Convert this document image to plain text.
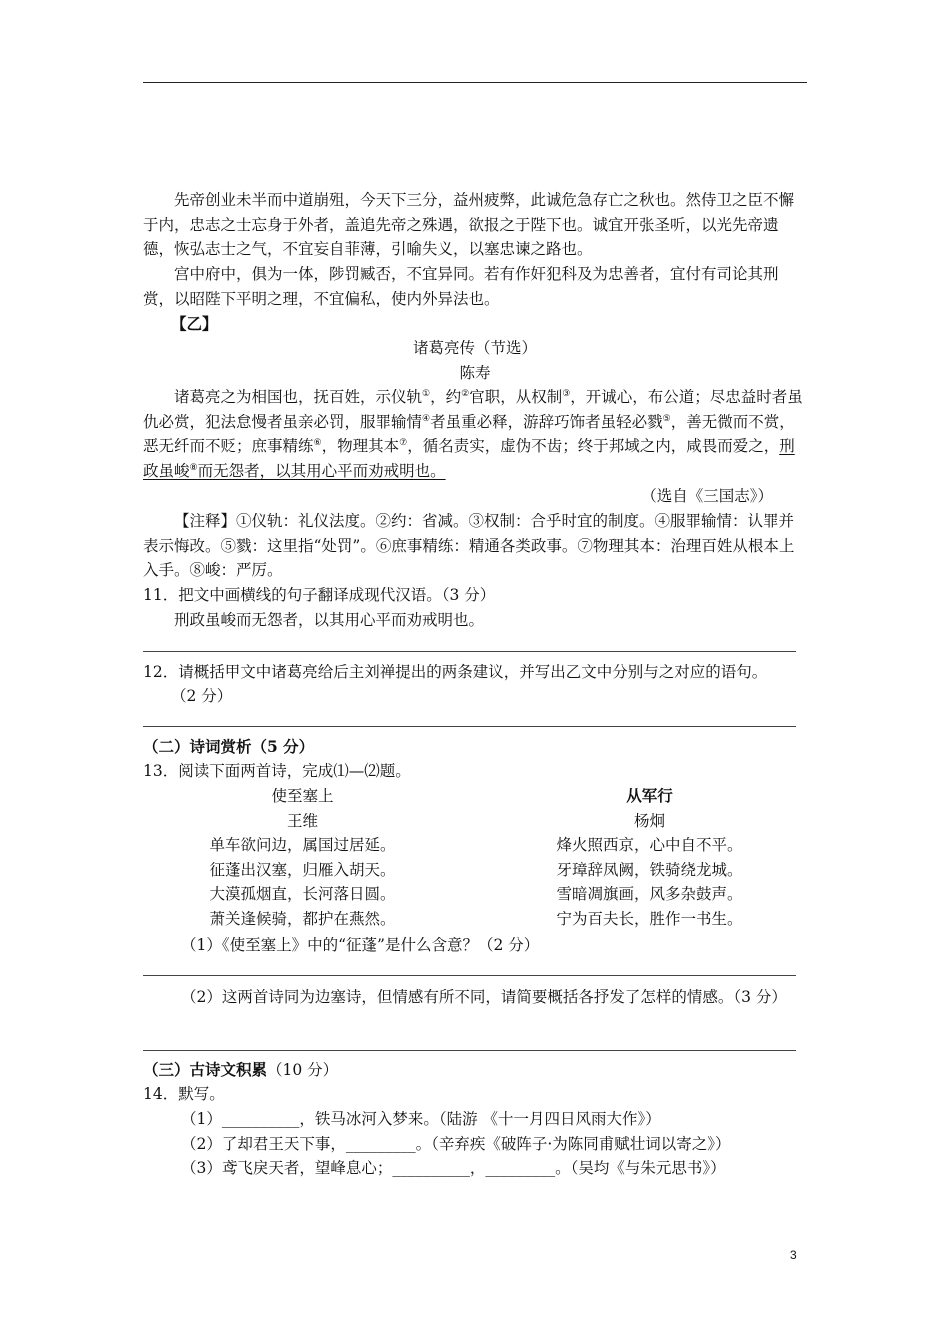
先帝创业未半而中道崩殂，今天下三分，益州疲弊，此诚危急存亡之秋也。然侍卫之臣不懈于内，忠志之士忘身于外者，盖追先帝之殊遇，欲报之于陛下也。诚宜开张圣听，以光先帝遗德，恢弘志士之气，不宜妄自菲薄，引喻失义，以塞忠谏之路也。

宫中府中，俱为一体，陟罚臧否，不宜异同。若有作奸犯科及为忠善者，宜付有司论其刑赏，以昭陛下平明之理，不宜偏私，使内外异法也。

【乙】

诸葛亮传（节选）

陈寿

诸葛亮之为相国也，抚百姓，示仪轨①，约②官职，从权制③，开诚心，布公道；尽忠益时者虽仇必赏，犯法怠慢者虽亲必罚，服罪输情④者虽重必释，游辞巧饰者虽轻必戮⑤，善无微而不赏，恶无纤而不贬；庶事精练⑥，物理其本⑦，循名责实，虚伪不齿；终于邦域之内，咸畏而爱之，刑政虽峻⑧而无怨者，以其用心平而劝戒明也。

（选自《三国志》）

【注释】①仪轨：礼仪法度。②约：省减。③权制：合乎时宜的制度。④服罪输情：认罪并表示悔改。⑤戮：这里指“处罚”。⑥庶事精练：精通各类政事。⑦物理其本：治理百姓从根本上入手。⑧峻：严厉。

11．把文中画横线的句子翻译成现代汉语。（3 分）

刑政虽峻而无怨者，以其用心平而劝戒明也。

12．请概括甲文中诸葛亮给后主刘禅提出的两条建议，并写出乙文中分别与之对应的语句。

（2 分）

（二）诗词赏析（5 分）

13．阅读下面两首诗，完成⑴—⑵题。

使至塞上
王维
单车欲问边，属国过居延。
征蓬出汉塞，归雁入胡天。
大漠孤烟直，长河落日圆。
萧关逢候骑，都护在燕然。
从军行
杨炯
烽火照西京，心中自不平。
牙璋辞凤阙，铁骑绕龙城。
雪暗凋旗画，风多杂鼓声。
宁为百夫长，胜作一书生。

（1）《使至塞上》中的“征蓬”是什么含意？（2 分）

（2）这两首诗同为边塞诗，但情感有所不同，请简要概括各抒发了怎样的情感。（3 分）

（三）古诗文积累（10 分）

14．默写。

（1）__________，铁马冰河入梦来。（陆游 《十一月四日风雨大作》）

（2）了却君王天下事，_________。（辛弃疾《破阵子·为陈同甫赋壮词以寄之》）

（3）鸢飞戾天者，望峰息心；__________，_________。（吴均《与朱元思书》）

3
